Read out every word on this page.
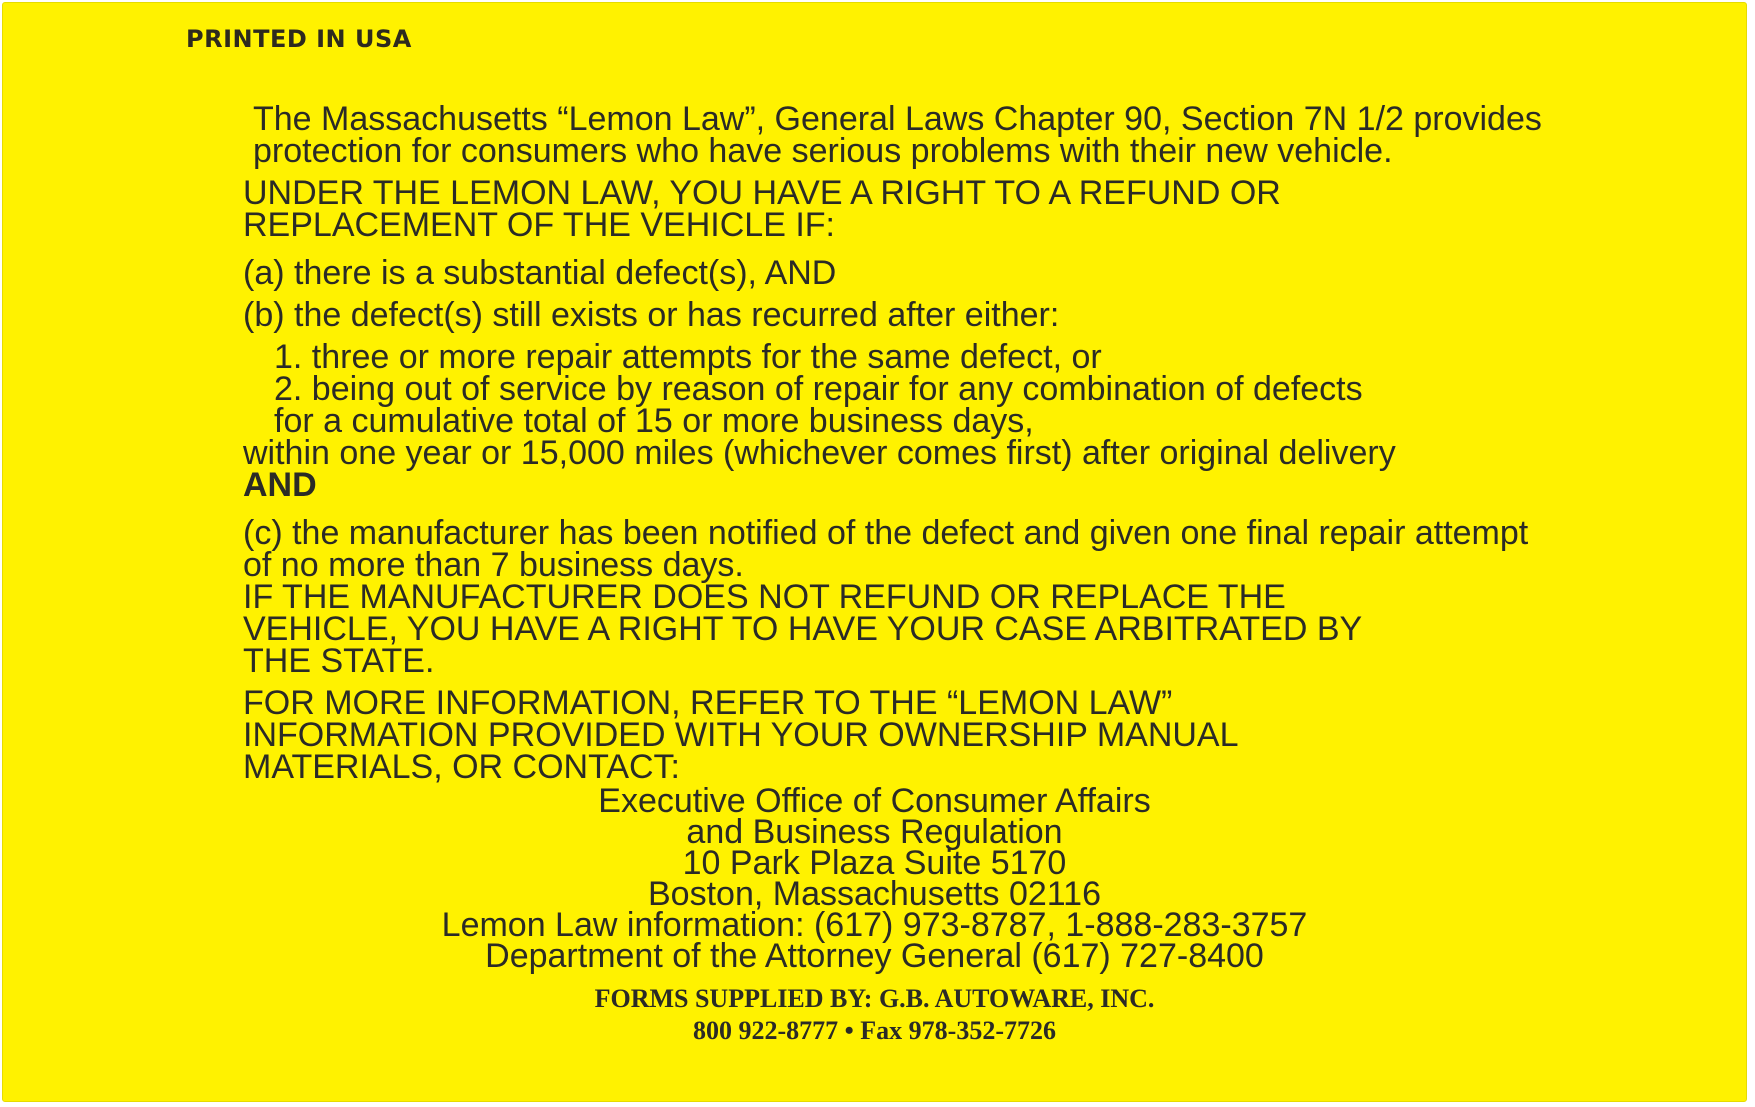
PRINTED IN USA

The Massachusetts “Lemon Law”, General Laws Chapter 90, Section 7N 1/2 provides protection for consumers who have serious problems with their new vehicle.

UNDER THE LEMON LAW, YOU HAVE A RIGHT TO A REFUND OR
REPLACEMENT OF THE VEHICLE IF:
(a) there is a substantial defect(s), AND
(b) the defect(s) still exists or has recurred after either:
1. three or more repair attempts for the same defect, or
2. being out of service by reason of repair for any combination of defects
for a cumulative total of 15 or more business days,
within one year or 15,000 miles (whichever comes first) after original delivery
AND

(c) the manufacturer has been notified of the defect and given one final repair attempt of no more than 7 business days.

IF THE MANUFACTURER DOES NOT REFUND OR REPLACE THE
VEHICLE, YOU HAVE A RIGHT TO HAVE YOUR CASE ARBITRATED BY
THE STATE.
FOR MORE INFORMATION, REFER TO THE “LEMON LAW”
INFORMATION PROVIDED WITH YOUR OWNERSHIP MANUAL
MATERIALS, OR CONTACT:
Executive Office of Consumer Affairs
and Business Regulation
10 Park Plaza Suite 5170
Boston, Massachusetts 02116
Lemon Law information: (617) 973-8787, 1-888-283-3757
Department of the Attorney General (617) 727-8400
FORMS SUPPLIED BY: G.B. AUTOWARE, INC.
800 922-8777 • Fax 978-352-7726
